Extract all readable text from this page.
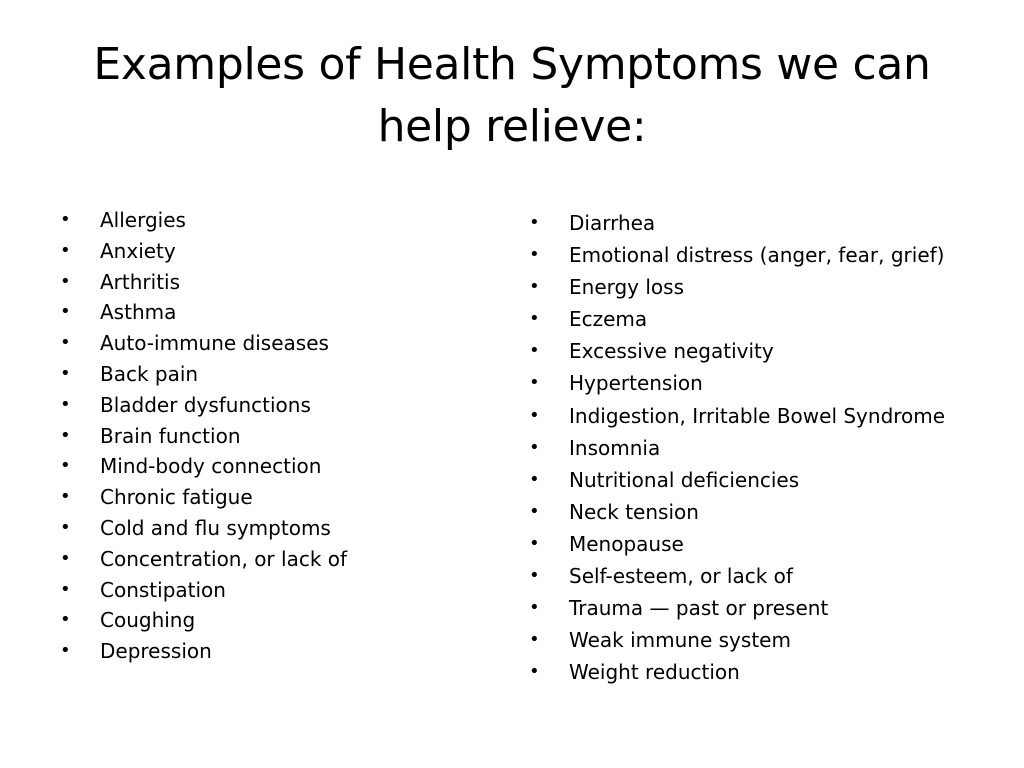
Examples of Health Symptoms we can help relieve:
• Allergies
• Anxiety
• Arthritis
• Asthma
• Auto-immune diseases
• Back pain
• Bladder dysfunctions
• Brain function
• Mind-body connection
• Chronic fatigue
• Cold and flu symptoms
• Concentration, or lack of
• Constipation
• Coughing
• Depression
• Diarrhea
• Emotional distress (anger, fear, grief)
• Energy loss
• Eczema
• Excessive negativity
• Hypertension
• Indigestion, Irritable Bowel Syndrome
• Insomnia
• Nutritional deficiencies
• Neck tension
• Menopause
• Self-esteem, or lack of
• Trauma — past or present
• Weak immune system
• Weight reduction
